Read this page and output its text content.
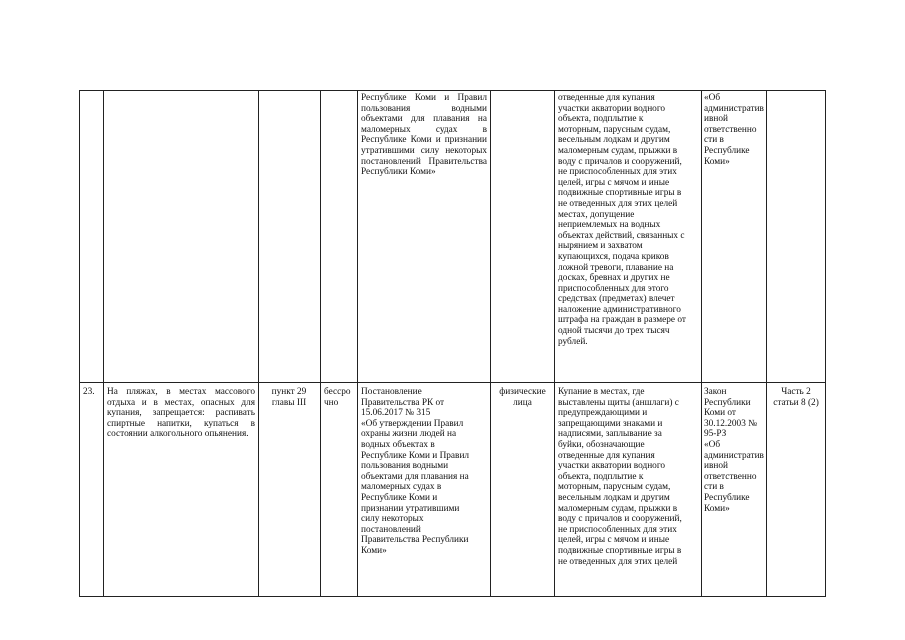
Республике Коми и Правил пользования водными объектами для плавания на маломерных судах в Республике Коми и признании утратившими силу некоторых постановлений Правительства Республики Коми»
отведенные для купания
участки акватории водного
объекта, подплытие к
моторным, парусным судам,
весельным лодкам и другим
маломерным судам, прыжки в
воду с причалов и сооружений,
не приспособленных для этих
целей, игры с мячом и иные
подвижные спортивные игры в
не отведенных для этих целей
местах, допущение
неприемлемых на водных
объектах действий, связанных с
нырянием и захватом
купающихся, подача криков
ложной тревоги, плавание на
досках, бревнах и других не
приспособленных для этого
средствах (предметах) влечет
наложение административного
штрафа на граждан в размере от
одной тысячи до трех тысяч
рублей.
«Об
административ
ивной
ответственно
сти в
Республике
Коми»
23.	На пляжах, в местах массового отдыха и в местах, опасных для купания, запрещается: распивать спиртные напитки, купаться в состоянии алкогольного опьянения.
пункт 29 главы III
бессро
чно
Постановление
Правительства РК от
15.06.2017 № 315
«Об утверждении Правил
охраны жизни людей на
водных объектах в
Республике Коми и Правил
пользования водными
объектами для плавания на
маломерных судах в
Республике Коми и
признании утратившими
силу некоторых
постановлений
Правительства Республики
Коми»
физические
лица
Купание в местах, где
выставлены щиты (аншлаги) с
предупреждающими и
запрещающими знаками и
надписями, заплывание за
буйки, обозначающие
отведенные для купания
участки акватории водного
объекта, подплытие к
моторным, парусным судам,
весельным лодкам и другим
маломерным судам, прыжки в
воду с причалов и сооружений,
не приспособленных для этих
целей, игры с мячом и иные
подвижные спортивные игры в
не отведенных для этих целей
Закон
Республики
Коми от
30.12.2003 №
95-РЗ
«Об
административ
ивной
ответственно
сти в
Республике
Коми»
Часть 2
статьи 8 (2)
